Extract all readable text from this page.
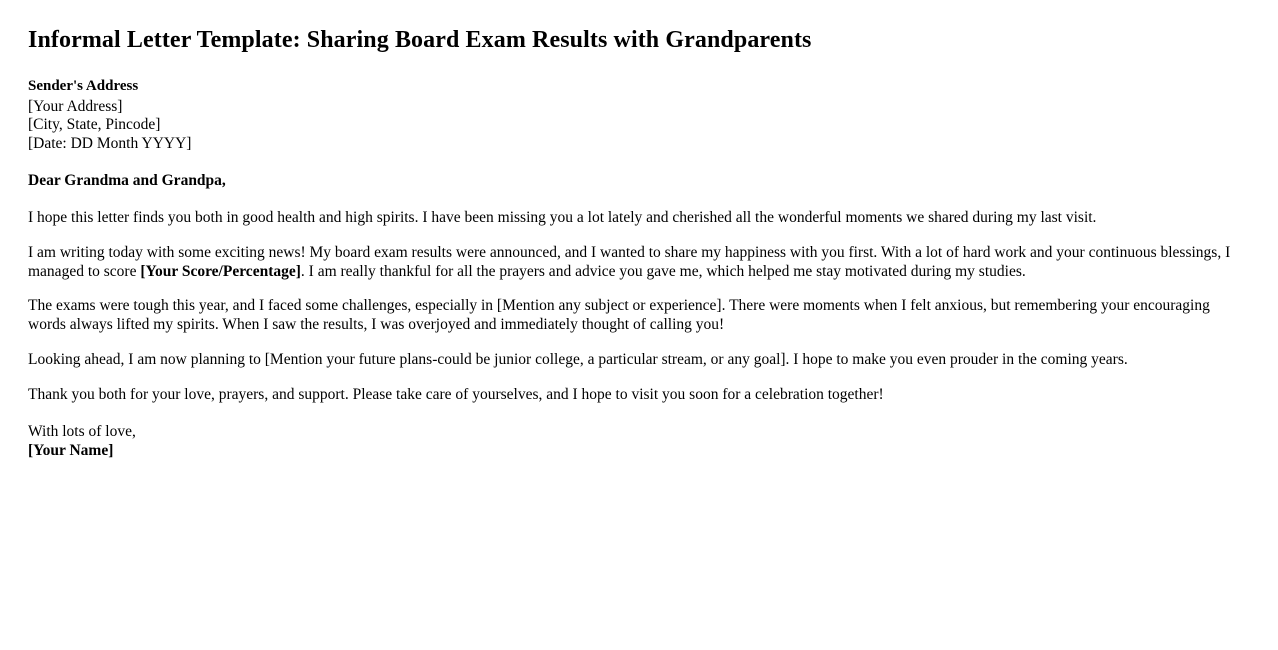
Informal Letter Template: Sharing Board Exam Results with Grandparents
Sender's Address
[Your Address]
[City, State, Pincode]
[Date: DD Month YYYY]
Dear Grandma and Grandpa,

I hope this letter finds you both in good health and high spirits. I have been missing you a lot lately and cherished all the wonderful moments we shared during my last visit.

I am writing today with some exciting news! My board exam results were announced, and I wanted to share my happiness with you first. With a lot of hard work and your continuous blessings, I managed to score [Your Score/Percentage]. I am really thankful for all the prayers and advice you gave me, which helped me stay motivated during my studies.

The exams were tough this year, and I faced some challenges, especially in [Mention any subject or experience]. There were moments when I felt anxious, but remembering your encouraging words always lifted my spirits. When I saw the results, I was overjoyed and immediately thought of calling you!

Looking ahead, I am now planning to [Mention your future plans-could be junior college, a particular stream, or any goal]. I hope to make you even prouder in the coming years.

Thank you both for your love, prayers, and support. Please take care of yourselves, and I hope to visit you soon for a celebration together!

With lots of love,
[Your Name]
